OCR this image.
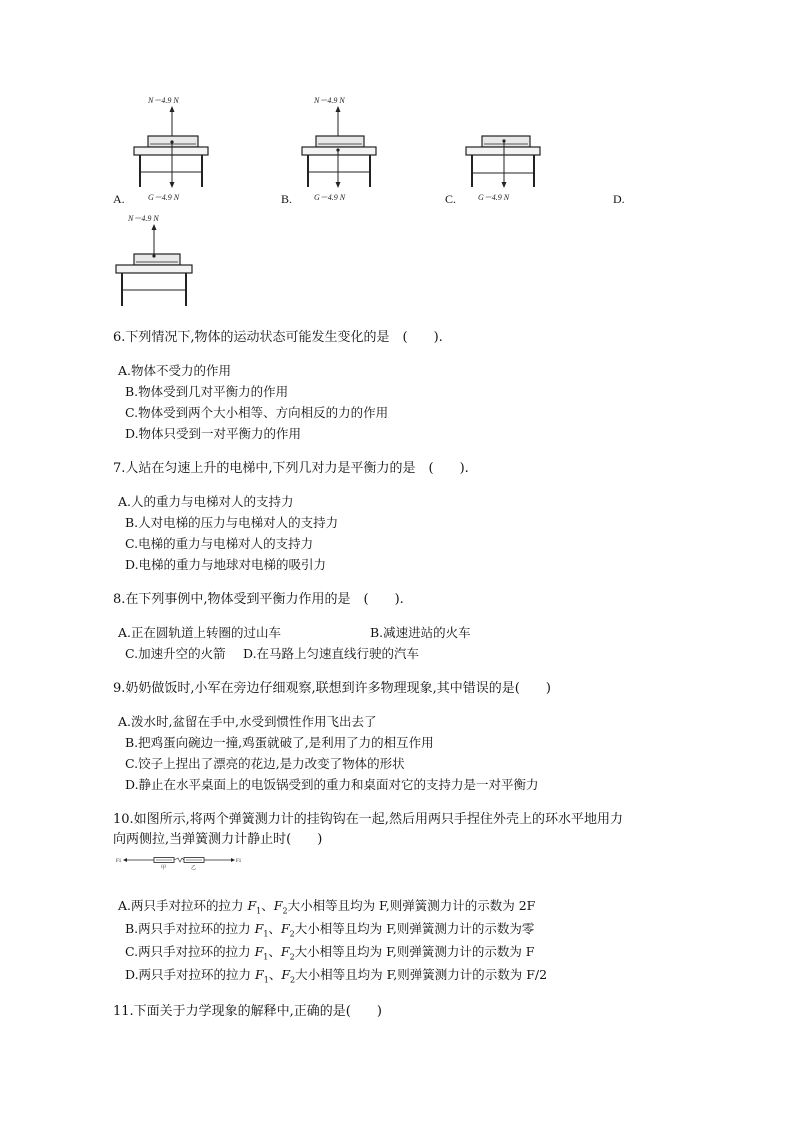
N＝4.9 N
G＝4.9 N
A.
N＝4.9 N
G＝4.9 N
B.	G＝4.9 N
C.	D.
N＝4.9 N
6.下列情况下,物体的运动状态可能发生变化的是　(　　).
A.物体不受力的作用
B.物体受到几对平衡力的作用
C.物体受到两个大小相等、方向相反的力的作用
D.物体只受到一对平衡力的作用
7.人站在匀速上升的电梯中,下列几对力是平衡力的是　(　　).
A.人的重力与电梯对人的支持力
B.人对电梯的压力与电梯对人的支持力
C.电梯的重力与电梯对人的支持力
D.电梯的重力与地球对电梯的吸引力
8.在下列事例中,物体受到平衡力作用的是　(　　).
A.正在圆轨道上转圈的过山车	B.减速进站的火车
C.加速升空的火箭 D.在马路上匀速直线行驶的汽车
9.奶奶做饭时,小军在旁边仔细观察,联想到许多物理现象,其中错误的是(　　)
A.泼水时,盆留在手中,水受到惯性作用飞出去了
B.把鸡蛋向碗边一撞,鸡蛋就破了,是利用了力的相互作用
C.饺子上捏出了漂亮的花边,是力改变了物体的形状
D.静止在水平桌面上的电饭锅受到的重力和桌面对它的支持力是一对平衡力
10.如图所示,将两个弹簧测力计的挂钩钩在一起,然后用两只手捏住外壳上的环水平地用力
向两侧拉,当弹簧测力计静止时(　　)
F1	F1
甲	乙
A.两只手对拉环的拉力 $F_1$、$F_2$大小相等且均为 F,则弹簧测力计的示数为 2F
B.两只手对拉环的拉力 $F_1$、$F_2$大小相等且均为 F,则弹簧测力计的示数为零
C.两只手对拉环的拉力 $F_1$、$F_2$大小相等且均为 F,则弹簧测力计的示数为 F
D.两只手对拉环的拉力 $F_1$、$F_2$大小相等且均为 F,则弹簧测力计的示数为 F/2
11.下面关于力学现象的解释中,正确的是(　　)
